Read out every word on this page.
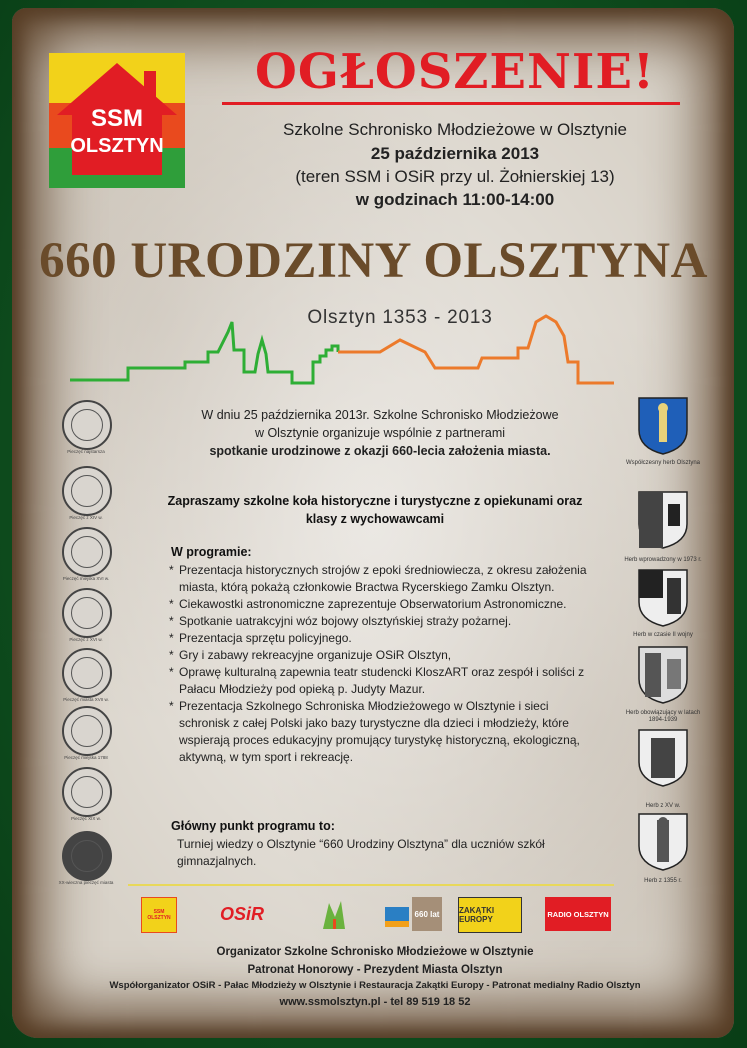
SSM
OLSZTYN
OGŁOSZENIE!
Szkolne Schronisko Młodzieżowe w Olsztynie
25 października 2013
(teren SSM i OSiR przy ul. Żołnierskiej 13)
w godzinach 11:00-14:00
660 URODZINY OLSZTYNA
Olsztyn 1353 - 2013
W dniu 25 października 2013r. Szkolne Schronisko Młodzieżowe
w Olsztynie organizuje wspólnie z partnerami
spotkanie urodzinowe z okazji 660-lecia założenia miasta.
Zapraszamy szkolne koła historyczne i turystyczne z opiekunami oraz
klasy z wychowawcami
W programie:
* Prezentacja historycznych strojów z epoki średniowiecza, z okresu założenia miasta, którą pokażą członkowie Bractwa Rycerskiego Zamku Olsztyn.
* Ciekawostki astronomiczne zaprezentuje Obserwatorium Astronomiczne.
* Spotkanie uatrakcyjni wóz bojowy olsztyńskiej straży pożarnej.
* Prezentacja sprzętu policyjnego.
* Gry i zabawy rekreacyjne organizuje OSiR Olsztyn,
* Oprawę kulturalną zapewnia teatr studencki KloszART oraz zespół i soliści z Pałacu Młodzieży pod opieką p. Judyty Mazur.
* Prezentacja Szkolnego Schroniska Młodzieżowego w Olsztynie i sieci schronisk z całej Polski jako bazy turystyczne dla dzieci i młodzieży, które wspierają proces edukacyjny promujący turystykę historyczną, ekologiczną, aktywną, w tym sport i rekreację.
Główny punkt programu to:
Turniej wiedzy o Olsztynie “660 Urodziny Olsztyna” dla uczniów szkół
gimnazjalnych.
Pieczęć najstarsza
Pieczęć z XIV w.
Pieczęć miejska XVI w.
Pieczęć z XVI w.
Pieczęć miasta XVII w.
Pieczęć miejska 1788
Pieczęć XIX w.
XX-wieczna pieczęć miasta
Współczesny herb Olsztyna
Herb wprowadzony w 1973 r.
Herb w czasie II wojny
Herb obowiązujący w latach 1894-1939
Herb z XV w.
Herb z 1355 r.
SSM OLSZTYN	OSiR	660 lat ZAKĄTKI EUROPY
RADIO OLSZTYN
Organizator Szkolne Schronisko Młodzieżowe w Olsztynie
Patronat Honorowy - Prezydent Miasta Olsztyn
Współorganizator OSiR - Pałac Młodzieży w Olsztynie i Restauracja Zakątki Europy - Patronat medialny Radio Olsztyn
www.ssmolsztyn.pl - tel 89 519 18 52
